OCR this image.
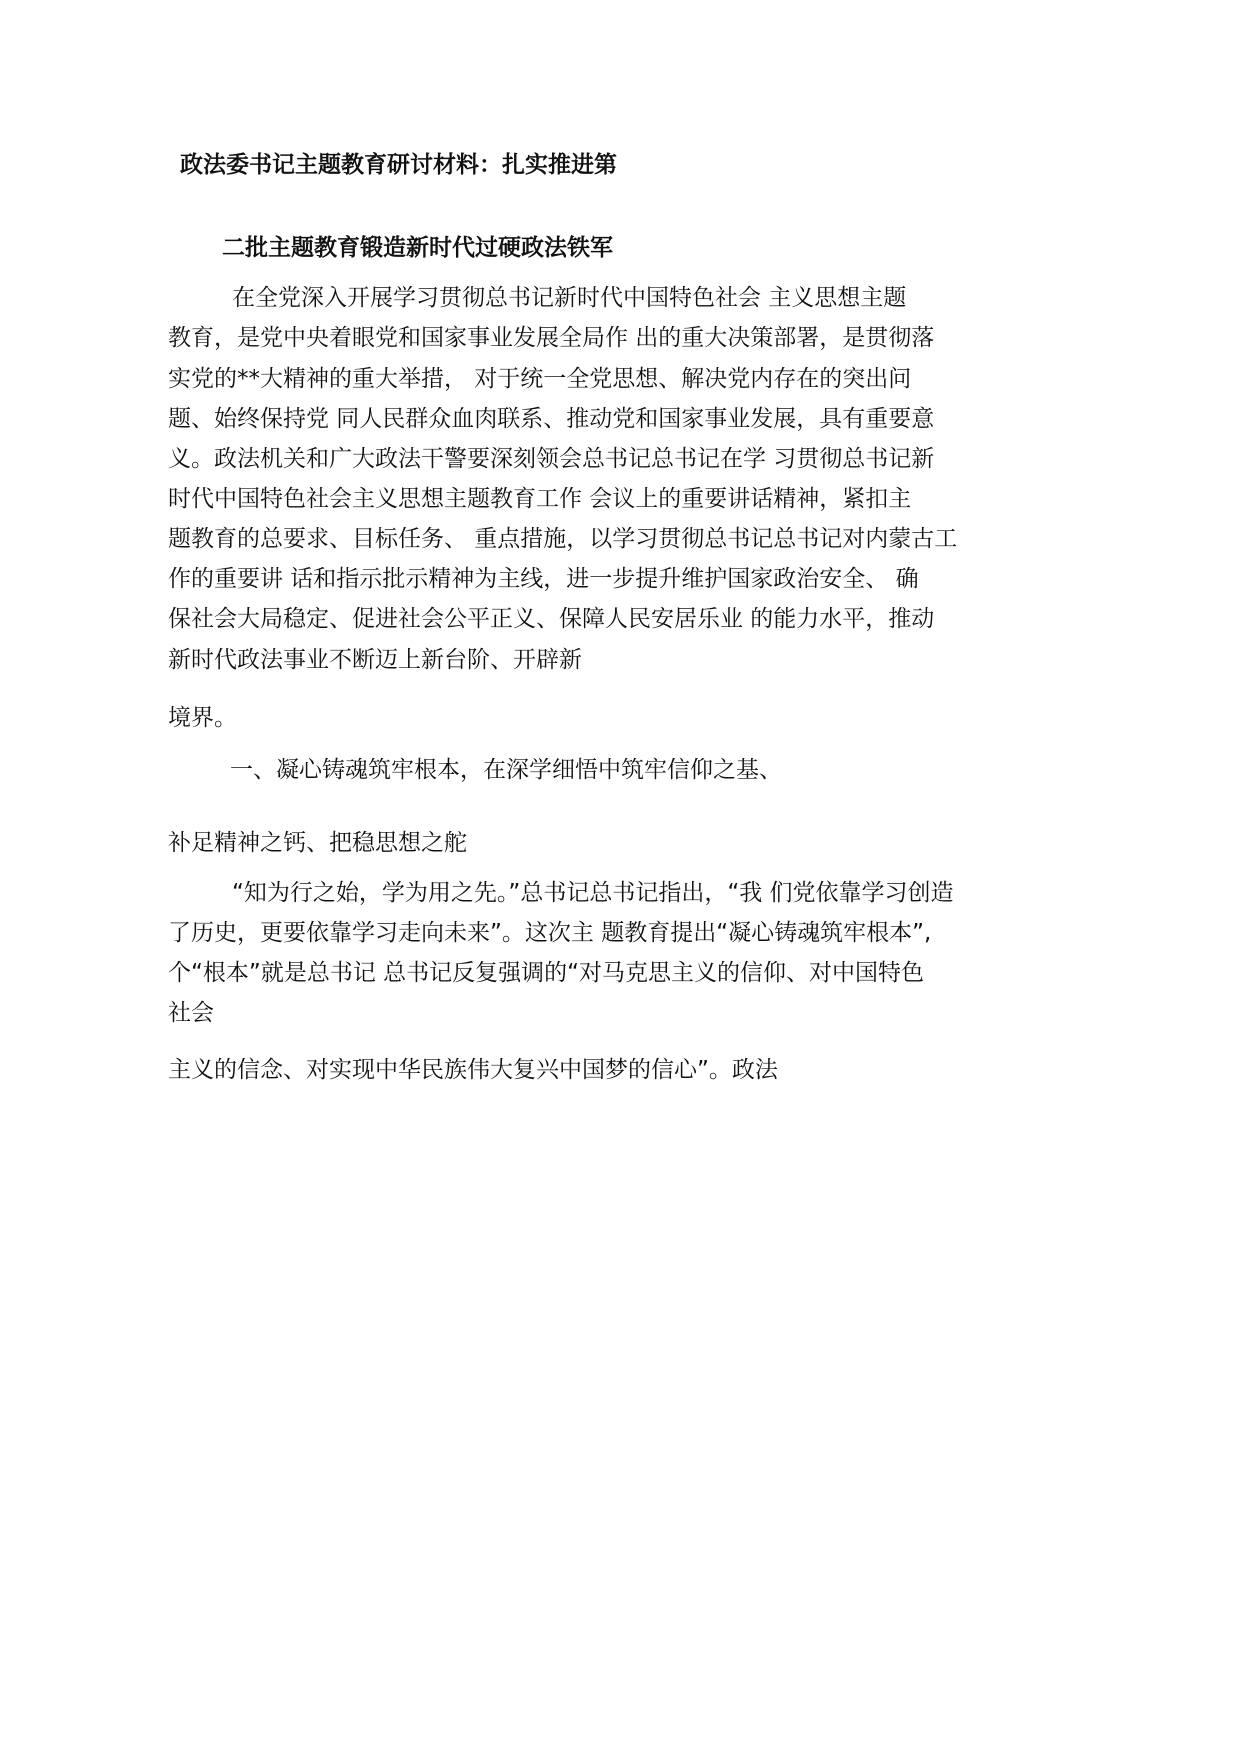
政法委书记主题教育研讨材料：扎实推进第
二批主题教育锻造新时代过硬政法铁军
在全党深入开展学习贯彻总书记新时代中国特色社会 主义思想主题
教育，是党中央着眼党和国家事业发展全局作 出的重大决策部署，是贯彻落
实党的**大精神的重大举措， 对于统一全党思想、解决党内存在的突出问
题、始终保持党 同人民群众血肉联系、推动党和国家事业发展，具有重要意
义。政法机关和广大政法干警要深刻领会总书记总书记在学 习贯彻总书记新
时代中国特色社会主义思想主题教育工作 会议上的重要讲话精神，紧扣主
题教育的总要求、目标任务、 重点措施，以学习贯彻总书记总书记对内蒙古工
作的重要讲 话和指示批示精神为主线，进一步提升维护国家政治安全、 确
保社会大局稳定、促进社会公平正义、保障人民安居乐业 的能力水平，推动
新时代政法事业不断迈上新台阶、开辟新
境界。
一、凝心铸魂筑牢根本，在深学细悟中筑牢信仰之基、
补足精神之钙、把稳思想之舵
“知为行之始，学为用之先。”总书记总书记指出，“我 们党依靠学习创造
了历史，更要依靠学习走向未来”。这次主 题教育提出“凝心铸魂筑牢根本”,
个“根本”就是总书记 总书记反复强调的“对马克思主义的信仰、对中国特色
社会
主义的信念、对实现中华民族伟大复兴中国梦的信心”。政法
